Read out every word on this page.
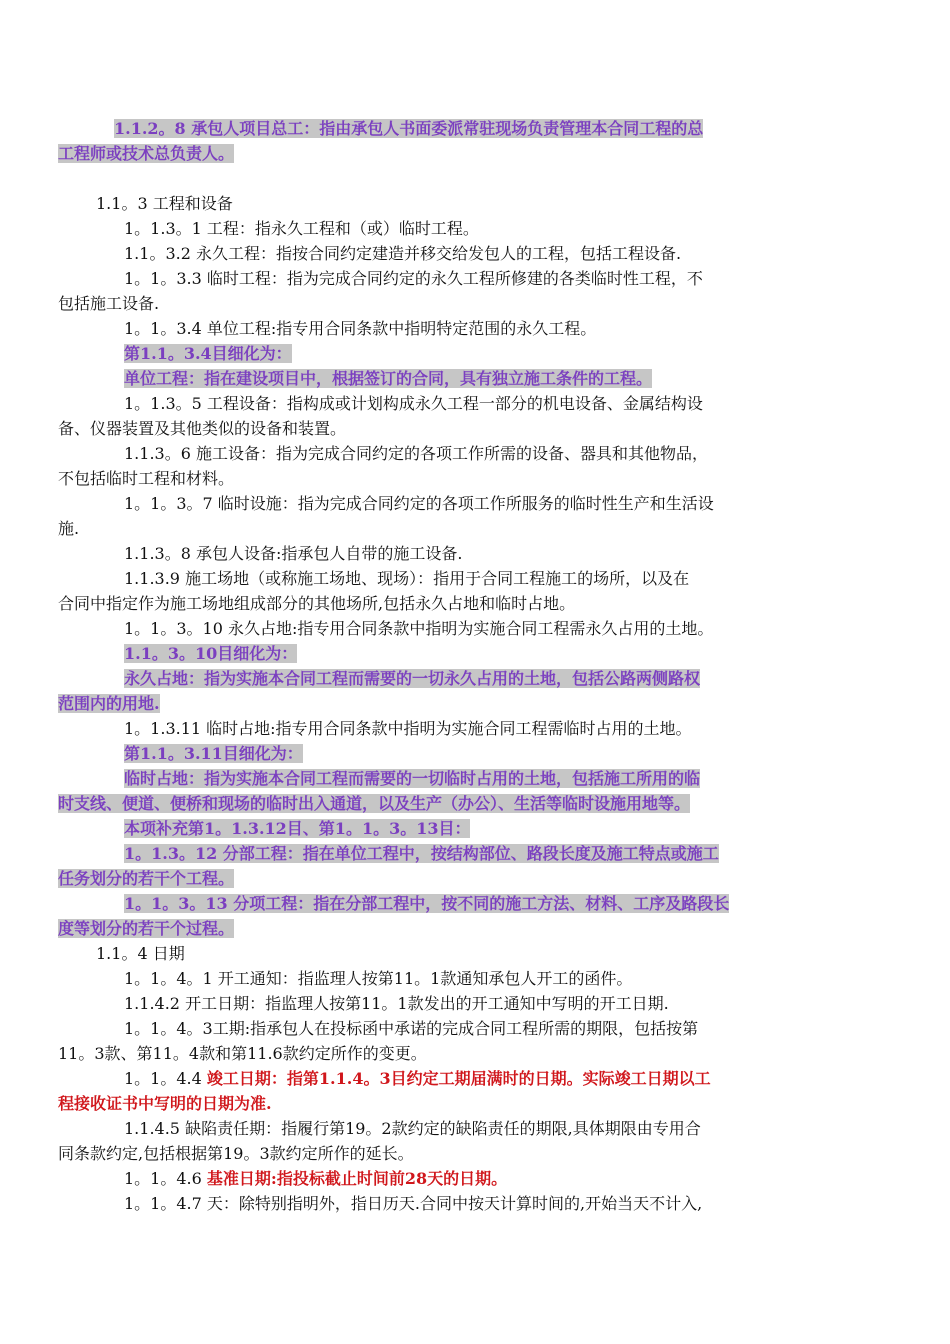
1.1.2。8 承包人项目总工：指由承包人书面委派常驻现场负责管理本合同工程的总
工程师或技术总负责人。
1.1。3 工程和设备
1。1.3。1 工程：指永久工程和（或）临时工程。
1.1。3.2 永久工程：指按合同约定建造并移交给发包人的工程，包括工程设备.
1。1。3.3 临时工程：指为完成合同约定的永久工程所修建的各类临时性工程，不
包括施工设备.
1。1。3.4 单位工程:指专用合同条款中指明特定范围的永久工程。
第1.1。3.4目细化为：
单位工程：指在建设项目中，根据签订的合同，具有独立施工条件的工程。
1。1.3。5 工程设备：指构成或计划构成永久工程一部分的机电设备、金属结构设
备、仪器装置及其他类似的设备和装置。
1.1.3。6 施工设备：指为完成合同约定的各项工作所需的设备、器具和其他物品，
不包括临时工程和材料。
1。1。3。7 临时设施：指为完成合同约定的各项工作所服务的临时性生产和生活设
施.
1.1.3。8 承包人设备:指承包人自带的施工设备.
1.1.3.9 施工场地（或称施工场地、现场）：指用于合同工程施工的场所，以及在
合同中指定作为施工场地组成部分的其他场所,包括永久占地和临时占地。
1。1。3。10 永久占地:指专用合同条款中指明为实施合同工程需永久占用的土地。
1.1。3。10目细化为：
永久占地：指为实施本合同工程而需要的一切永久占用的土地，包括公路两侧路权
范围内的用地.
1。1.3.11 临时占地:指专用合同条款中指明为实施合同工程需临时占用的土地。
第1.1。3.11目细化为：
临时占地：指为实施本合同工程而需要的一切临时占用的土地，包括施工所用的临
时支线、便道、便桥和现场的临时出入通道，以及生产（办公）、生活等临时设施用地等。
本项补充第1。1.3.12目、第1。1。3。13目：
1。1.3。12 分部工程：指在单位工程中，按结构部位、路段长度及施工特点或施工
任务划分的若干个工程。
1。1。3。13 分项工程：指在分部工程中，按不同的施工方法、材料、工序及路段长
度等划分的若干个过程。
1.1。4 日期
1。1。4。1 开工通知：指监理人按第11。1款通知承包人开工的函件。
1.1.4.2 开工日期：指监理人按第11。1款发出的开工通知中写明的开工日期.
1。1。4。3工期:指承包人在投标函中承诺的完成合同工程所需的期限，包括按第
11。3款、第11。4款和第11.6款约定所作的变更。
1。1。4.4 竣工日期：指第1.1.4。3目约定工期届满时的日期。实际竣工日期以工
程接收证书中写明的日期为准.
1.1.4.5 缺陷责任期：指履行第19。2款约定的缺陷责任的期限,具体期限由专用合
同条款约定,包括根据第19。3款约定所作的延长。
1。1。4.6 基准日期:指投标截止时间前28天的日期。
1。1。4.7 天：除特别指明外，指日历天.合同中按天计算时间的,开始当天不计入,
